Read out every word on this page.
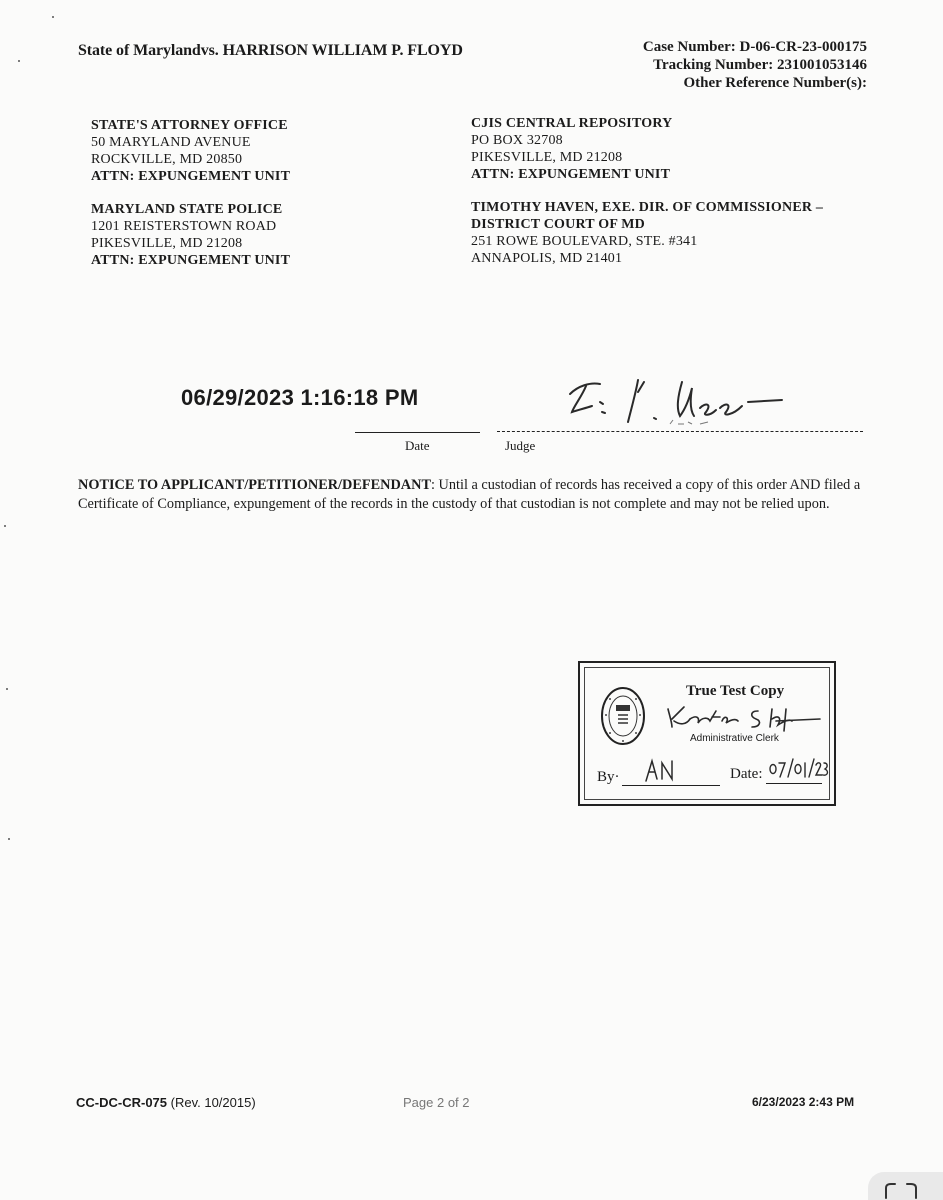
State of Marylandvs. HARRISON WILLIAM P. FLOYD	Case Number: D-06-CR-23-000175
Tracking Number: 231001053146
Other Reference Number(s):
STATE'S ATTORNEY OFFICE
50 MARYLAND AVENUE
ROCKVILLE, MD 20850
ATTN: EXPUNGEMENT UNIT
CJIS CENTRAL REPOSITORY
PO BOX 32708
PIKESVILLE, MD 21208
ATTN: EXPUNGEMENT UNIT
MARYLAND STATE POLICE
1201 REISTERSTOWN ROAD
PIKESVILLE, MD 21208
ATTN: EXPUNGEMENT UNIT
TIMOTHY HAVEN, EXE. DIR. OF COMMISSIONER –
DISTRICT COURT OF MD
251 ROWE BOULEVARD, STE. #341
ANNAPOLIS, MD 21401
06/29/2023 1:16:18 PM
Date	Judge
NOTICE TO APPLICANT/PETITIONER/DEFENDANT: Until a custodian of records has received a copy of this order AND filed a Certificate of Compliance, expungement of the records in the custody of that custodian is not complete and may not be relied upon.
True Test Copy
Administrative Clerk
By·	Date:
CC-DC-CR-075 (Rev. 10/2015)	Page 2 of 2	6/23/2023 2:43 PM
